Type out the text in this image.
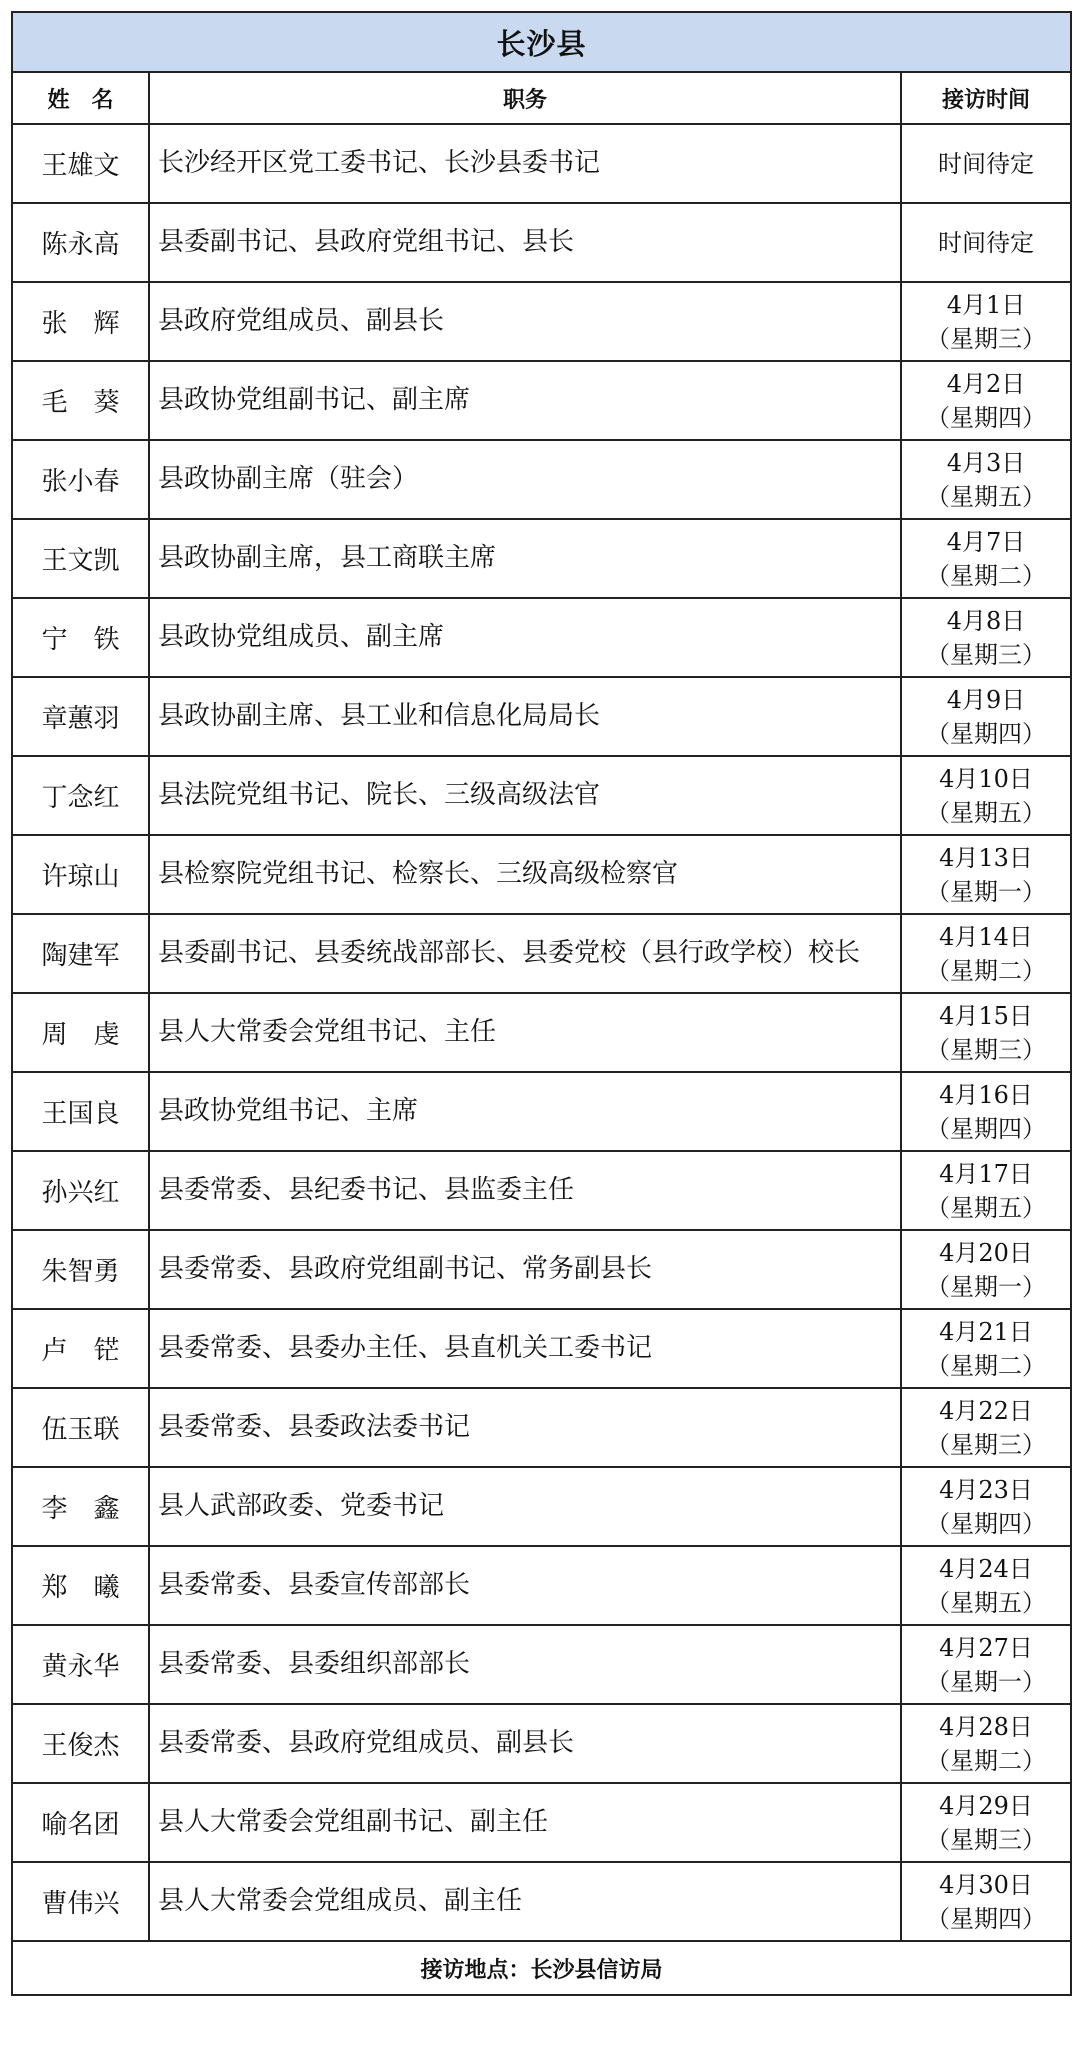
长沙县		
姓　名	职务	接访时间
王雄文	长沙经开区党工委书记、长沙县委书记	时间待定

陈永高	县委副书记、县政府党组书记、县长	时间待定

张　辉	县政府党组成员、副县长	4月1日
（星期三）

毛　葵	县政协党组副书记、副主席	4月2日
（星期四）

张小春	县政协副主席（驻会）	4月3日
（星期五）

王文凯	县政协副主席，县工商联主席	4月7日
（星期二）

宁　铁	县政协党组成员、副主席	4月8日
（星期三）

章蕙羽	县政协副主席、县工业和信息化局局长	4月9日
（星期四）

丁念红	县法院党组书记、院长、三级高级法官	4月10日
（星期五）

许琼山	县检察院党组书记、检察长、三级高级检察官	4月13日
（星期一）

陶建军	县委副书记、县委统战部部长、县委党校（县行政学校）校长	4月14日
（星期二）

周　虔	县人大常委会党组书记、主任	4月15日
（星期三）

王国良	县政协党组书记、主席	4月16日
（星期四）

孙兴红	县委常委、县纪委书记、县监委主任	4月17日
（星期五）

朱智勇	县委常委、县政府党组副书记、常务副县长	4月20日
（星期一）

卢　铓	县委常委、县委办主任、县直机关工委书记	4月21日
（星期二）

伍玉联	县委常委、县委政法委书记	4月22日
（星期三）

李　鑫	县人武部政委、党委书记	4月23日
（星期四）

郑　曦	县委常委、县委宣传部部长	4月24日
（星期五）

黄永华	县委常委、县委组织部部长	4月27日
（星期一）

王俊杰	县委常委、县政府党组成员、副县长	4月28日
（星期二）

喻名团	县人大常委会党组副书记、副主任	4月29日
（星期三）

曹伟兴	县人大常委会党组成员、副主任	4月30日
（星期四）

接访地点：长沙县信访局		
